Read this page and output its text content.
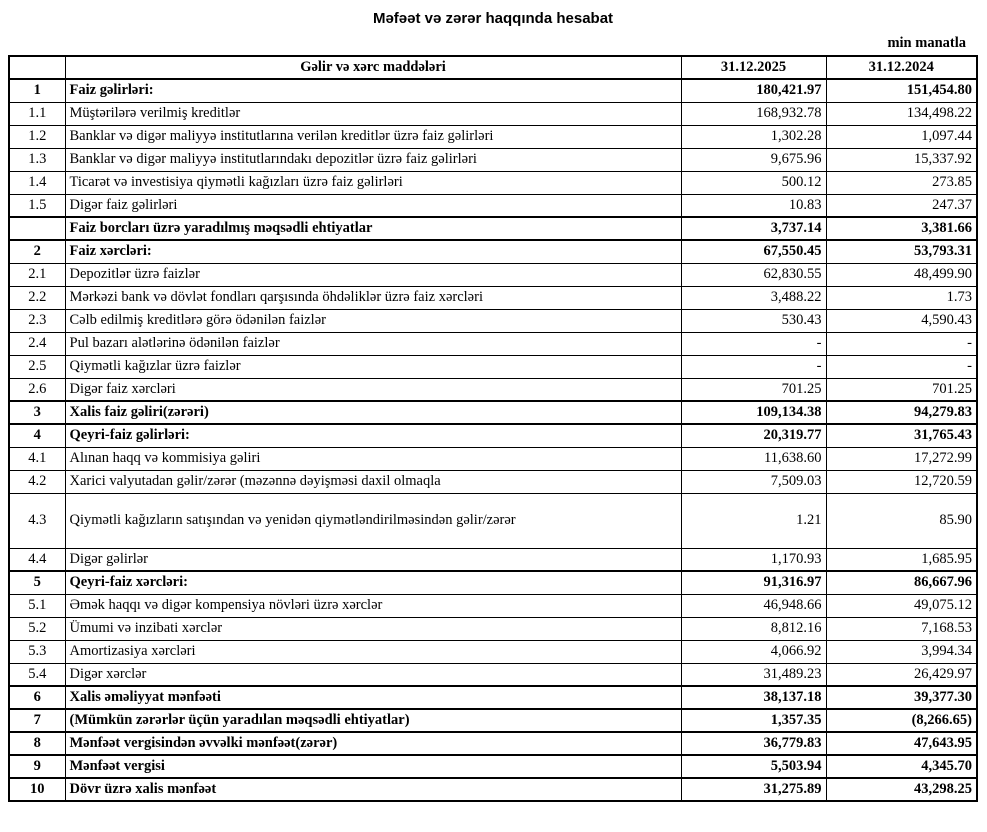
Məfəət və zərər haqqında hesabat
min manatla
	Gəlir və xərc maddələri	31.12.2025	31.12.2024
1	Faiz gəlirləri:	180,421.97	151,454.80
1.1	Müştərilərə verilmiş kreditlər	168,932.78	134,498.22
1.2	Banklar və digər maliyyə institutlarına verilən kreditlər üzrə faiz gəlirləri	1,302.28	1,097.44
1.3	Banklar və digər maliyyə institutlarındakı depozitlər üzrə faiz gəlirləri	9,675.96	15,337.92
1.4	Ticarət və investisiya qiymətli kağızları üzrə faiz gəlirləri	500.12	273.85
1.5	Digər faiz gəlirləri	10.83	247.37
	Faiz borcları üzrə yaradılmış məqsədli ehtiyatlar	3,737.14	3,381.66
2	Faiz xərcləri:	67,550.45	53,793.31
2.1	Depozitlər üzrə faizlər	62,830.55	48,499.90
2.2	Mərkəzi bank və dövlət fondları qarşısında öhdəliklər üzrə faiz xərcləri	3,488.22	1.73
2.3	Cəlb edilmiş kreditlərə görə ödənilən faizlər	530.43	4,590.43
2.4	Pul bazarı alətlərinə ödənilən faizlər	-	-
2.5	Qiymətli kağızlar üzrə faizlər	-	-
2.6	Digər faiz xərcləri	701.25	701.25
3	Xalis faiz gəliri(zərəri)	109,134.38	94,279.83
4	Qeyri-faiz gəlirləri:	20,319.77	31,765.43
4.1	Alınan haqq və kommisiya gəliri	11,638.60	17,272.99
4.2	Xarici valyutadan gəlir/zərər (məzənnə dəyişməsi daxil olmaqla	7,509.03	12,720.59
4.3	Qiymətli kağızların satışından və yenidən qiymətləndirilməsindən gəlir/zərər	1.21	85.90
4.4	Digər gəlirlər	1,170.93	1,685.95
5	Qeyri-faiz xərcləri:	91,316.97	86,667.96
5.1	Əmək haqqı və digər kompensiya növləri üzrə xərclər	46,948.66	49,075.12
5.2	Ümumi və inzibati xərclər	8,812.16	7,168.53
5.3	Amortizasiya xərcləri	4,066.92	3,994.34
5.4	Digər xərclər	31,489.23	26,429.97
6	Xalis əməliyyat mənfəəti	38,137.18	39,377.30
7	(Mümkün zərərlər üçün yaradılan məqsədli ehtiyatlar)	1,357.35	(8,266.65)
8	Mənfəət vergisindən əvvəlki mənfəət(zərər)	36,779.83	47,643.95
9	Mənfəət vergisi	5,503.94	4,345.70
10	Dövr üzrə xalis mənfəət	31,275.89	43,298.25
